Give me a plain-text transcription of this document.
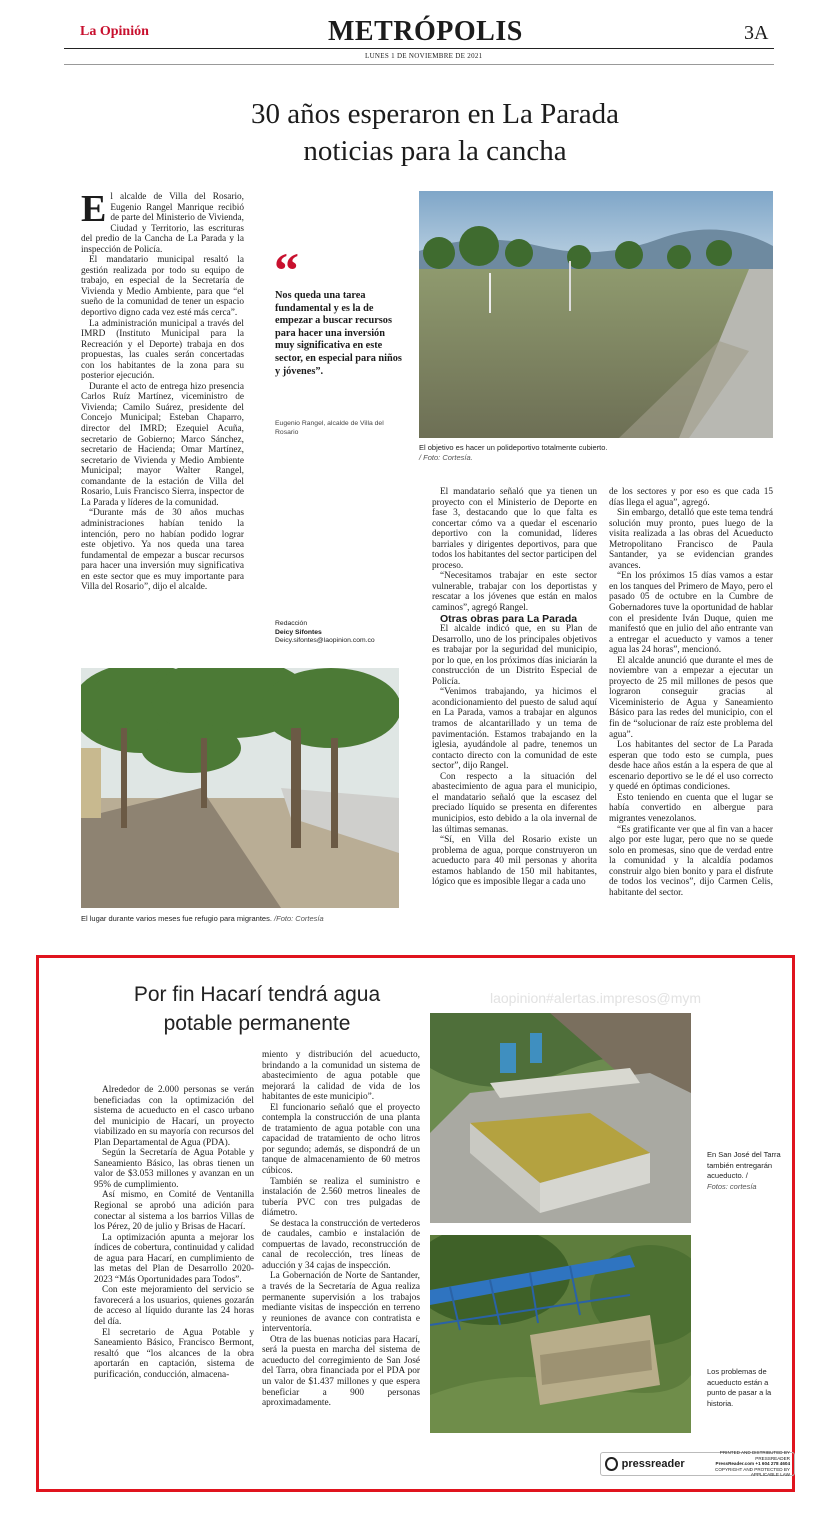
La Opinión	METRÓPOLIS	3A
LUNES 1 DE NOVIEMBRE DE 2021
30 años esperaron en La Parada
noticias para la cancha

El alcalde de Villa del Rosario, Eugenio Rangel Manrique recibió de parte del Ministerio de Vivienda, Ciudad y Territorio, las escrituras del predio de la Cancha de La Parada y la inspección de Policía.

El mandatario municipal resaltó la gestión realizada por todo su equipo de trabajo, en especial de la Secretaría de Vivienda y Medio Ambiente, para que “el sueño de la comunidad de tener un espacio deportivo digno cada vez esté más cerca”.

La administración municipal a través del IMRD (Instituto Municipal para la Recreación y el Deporte) trabaja en dos propuestas, las cuales serán concertadas con los habitantes de la zona para su posterior ejecución.

Durante el acto de entrega hizo presencia Carlos Ruíz Martínez, viceministro de Vivienda; Camilo Suárez, presidente del Concejo Municipal; Esteban Chaparro, director del IMRD; Ezequiel Acuña, secretario de Gobierno; Marco Sánchez, secretario de Hacienda; Omar Martínez, secretario de Vivienda y Medio Ambiente Municipal; mayor Walter Rangel, comandante de la estación de Villa del Rosario, Luis Francisco Sierra, inspector de La Parada y líderes de la comunidad.

“Durante más de 30 años muchas administraciones habían tenido la intención, pero no habían podido lograr este objetivo. Ya nos queda una tarea fundamental de empezar a buscar recursos para hacer una inversión muy significativa en este sector que es muy importante para Villa del Rosario”, dijo el alcalde.

“
Nos queda una tarea fundamental y es la de empezar a buscar recursos para hacer una inversión muy significativa en este sector, en especial para niños y jóvenes”.
Eugenio Rangel, alcalde de Villa del Rosario
Redacción
Deicy Sifontes
Deicy.sifontes@laopinion.com.co
El objetivo es hacer un polideportivo totalmente cubierto.
/ Foto: Cortesía.

El mandatario señaló que ya tienen un proyecto con el Ministerio de Deporte en fase 3, destacando que lo que falta es concertar cómo va a quedar el escenario deportivo con la comunidad, líderes barriales y dirigentes deportivos, para que todos los habitantes del sector participen del proceso.

“Necesitamos trabajar en este sector vulnerable, trabajar con los deportistas y rescatar a los jóvenes que están en malos caminos”, agregó Rangel.

Otras obras para La Parada

El alcalde indicó que, en su Plan de Desarrollo, uno de los principales objetivos es trabajar por la seguridad del municipio, por lo que, en los próximos días iniciarán la construcción de un Distrito Especial de Policía.

“Venimos trabajando, ya hicimos el acondicionamiento del puesto de salud aquí en La Parada, vamos a trabajar en algunos tramos de alcantarillado y un tema de pavimentación. Estamos trabajando en la iglesia, ayudándole al padre, tenemos un contacto directo con la comunidad de este sector”, dijo Rangel.

Con respecto a la situación del abastecimiento de agua para el municipio, el mandatario señaló que la escasez del preciado líquido se presenta en diferentes municipios, esto debido a la ola invernal de las últimas semanas.

“Sí, en Villa del Rosario existe un problema de agua, porque construyeron un acueducto para 40 mil personas y ahorita estamos hablando de 150 mil habitantes, lógico que es imposible llegar a cada uno

de los sectores y por eso es que cada 15 días llega el agua”, agregó.

Sin embargo, detalló que este tema tendrá solución muy pronto, pues luego de la visita realizada a las obras del Acueducto Metropolitano Francisco de Paula Santander, ya se evidencian grandes avances.

“En los próximos 15 días vamos a estar en los tanques del Primero de Mayo, pero el pasado 05 de octubre en la Cumbre de Gobernadores tuve la oportunidad de hablar con el presidente Iván Duque, quien me manifestó que en julio del año entrante van a entregar el acueducto y vamos a tener agua las 24 horas”, mencionó.

El alcalde anunció que durante el mes de noviembre van a empezar a ejecutar un proyecto de 25 mil millones de pesos que lograron conseguir gracias al Viceministerio de Agua y Saneamiento Básico para las redes del municipio, con el fin de “solucionar de raíz este problema del agua”.

Los habitantes del sector de La Parada esperan que todo esto se cumpla, pues desde hace años están a la espera de que al escenario deportivo se le dé el uso correcto y quedé en óptimas condiciones.

Esto teniendo en cuenta que el lugar se había convertido en albergue para migrantes venezolanos.

“Es gratificante ver que al fin van a hacer algo por este lugar, pero que no se quede solo en promesas, sino que de verdad entre la comunidad y la alcaldía podamos construir algo bien bonito y para el disfrute de todos los vecinos”, dijo Carmen Celis, habitante del sector.

El lugar durante varios meses fue refugio para migrantes. /Foto: Cortesía
laopinion#alertas.impresos@mym
Por fin Hacarí tendrá agua
potable permanente

Alrededor de 2.000 personas se verán beneficiadas con la optimización del sistema de acueducto en el casco urbano del municipio de Hacarí, un proyecto viabilizado en su mayoría con recursos del Plan Departamental de Agua (PDA).

Según la Secretaría de Agua Potable y Saneamiento Básico, las obras tienen un valor de $3.053 millones y avanzan en un 95% de cumplimiento.

Así mismo, en Comité de Ventanilla Regional se aprobó una adición para conectar al sistema a los barrios Villas de los Pérez, 20 de julio y Brisas de Hacarí.

La optimización apunta a mejorar los índices de cobertura, continuidad y calidad de agua para Hacarí, en cumplimiento de las metas del Plan de Desarrollo 2020-2023 “Más Oportunidades para Todos”.

Con este mejoramiento del servicio se favorecerá a los usuarios, quienes gozarán de acceso al líquido durante las 24 horas del día.

El secretario de Agua Potable y Saneamiento Básico, Francisco Bermont, resaltó que “los alcances de la obra aportarán en captación, sistema de purificación, conducción, almacena-

miento y distribución del acueducto, brindando a la comunidad un sistema de abastecimiento de agua potable que mejorará la calidad de vida de los habitantes de este municipio”.

El funcionario señaló que el proyecto contempla la construcción de una planta de tratamiento de agua potable con una capacidad de tratamiento de ocho litros por segundo; además, se dispondrá de un tanque de almacenamiento de 60 metros cúbicos.

También se realiza el suministro e instalación de 2.560 metros lineales de tubería PVC con tres pulgadas de diámetro.

Se destaca la construcción de vertederos de caudales, cambio e instalación de compuertas de lavado, reconstrucción de canal de recolección, tres líneas de aducción y 34 cajas de inspección.

La Gobernación de Norte de Santander, a través de la Secretaría de Agua realiza permanente supervisión a los trabajos mediante visitas de inspección en terreno y reuniones de avance con contratista e interventoría.

Otra de las buenas noticias para Hacarí, será la puesta en marcha del sistema de acueducto del corregimiento de San José del Tarra, obra financiada por el PDA por un valor de $1.437 millones y que espera beneficiar a 900 personas aproximadamente.

En San José del Tarra también entregarán acueducto. /
Fotos: cortesía
Los problemas de acueducto están a punto de pasar a la historia.
pressreader
PRINTED AND DISTRIBUTED BY PRESSREADER
PressReader.com +1 604 278 4604
COPYRIGHT AND PROTECTED BY APPLICABLE LAW
